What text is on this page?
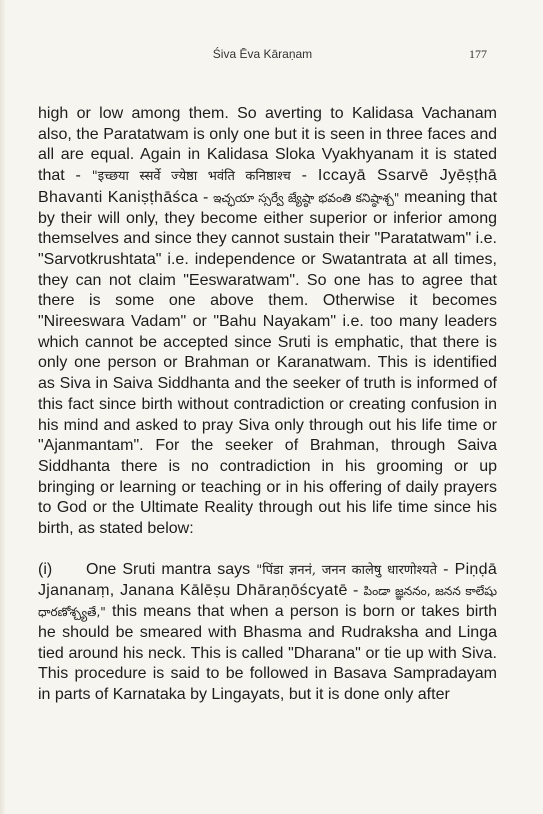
Śiva Ēva Kāraṇam	177

high or low among them. So averting to Kalidasa Vachanam also, the Paratatwam is only one but it is seen in three faces and all are equal. Again in Kalidasa Sloka Vyakhyanam it is stated that - "इच्छया स्सर्वे ज्येष्ठा भवंति कनिष्ठाश्च - Iccayā Ssarvē Jyēṣṭhā Bhavanti Kaniṣṭhāśca - ఇచ్ఛయా స్సర్వే జ్యేష్ఠా భవంతి కనిష్ఠాశ్చ" meaning that by their will only, they become either superior or inferior among themselves and since they cannot sustain their "Paratatwam" i.e. "Sarvotkrushtata" i.e. independence or Swatantrata at all times, they can not claim "Eeswaratwam". So one has to agree that there is some one above them. Otherwise it becomes "Nireeswara Vadam" or "Bahu Nayakam" i.e. too many leaders which cannot be accepted since Sruti is emphatic, that there is only one person or Brahman or Karanatwam. This is identified as Siva in Saiva Siddhanta and the seeker of truth is informed of this fact since birth without contradiction or creating confusion in his mind and asked to pray Siva only through out his life time or "Ajanmantam". For the seeker of Brahman, through Saiva Siddhanta there is no contradiction in his grooming or up bringing or learning or teaching or in his offering of daily prayers to God or the Ultimate Reality through out his life time since his birth, as stated below:

(i) One Sruti mantra says "पिंडा ज्ञननं, जनन कालेषु धारणोश्यते - Piṇḍā Jjananaṃ, Janana Kālēṣu Dhāraṇōścyatē - పిండా జ్ఞననం, జనన కాలేషు ధారణోశ్చ్యతే," this means that when a person is born or takes birth he should be smeared with Bhasma and Rudraksha and Linga tied around his neck. This is called "Dharana" or tie up with Siva. This procedure is said to be followed in Basava Sampradayam in parts of Karnataka by Lingayats, but it is done only after
